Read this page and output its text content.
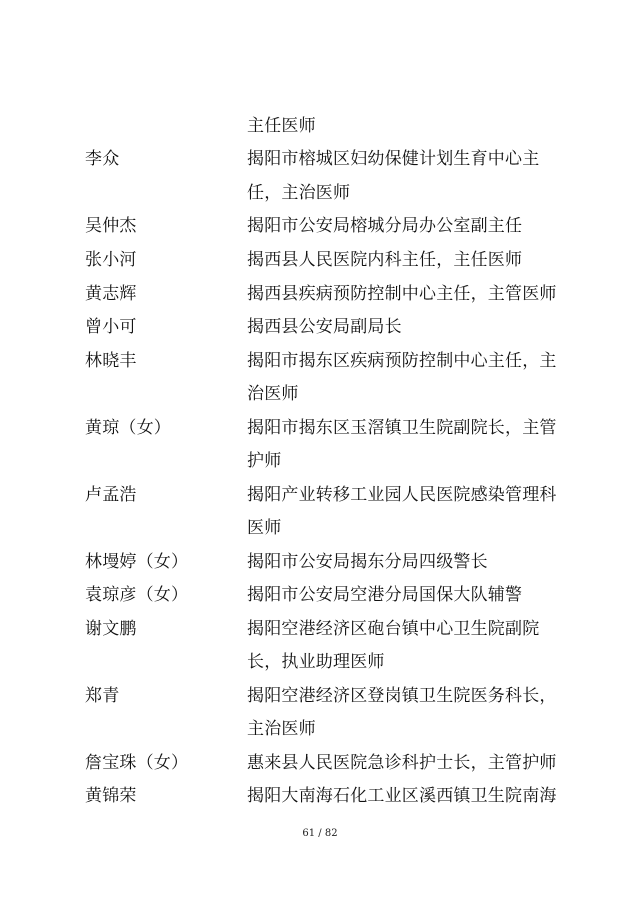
主任医师
李众	揭阳市榕城区妇幼保健计划生育中心主
任，主治医师
吴仲杰	揭阳市公安局榕城分局办公室副主任
张小河	揭西县人民医院内科主任，主任医师
黄志辉	揭西县疾病预防控制中心主任，主管医师
曾小可	揭西县公安局副局长
林晓丰	揭阳市揭东区疾病预防控制中心主任，主
治医师
黄琼（女）	揭阳市揭东区玉滘镇卫生院副院长，主管
护师
卢孟浩	揭阳产业转移工业园人民医院感染管理科
医师
林墁婷（女）	揭阳市公安局揭东分局四级警长
袁琼彦（女）	揭阳市公安局空港分局国保大队辅警
谢文鹏	揭阳空港经济区砲台镇中心卫生院副院
长，执业助理医师
郑青	揭阳空港经济区登岗镇卫生院医务科长，
主治医师
詹宝珠（女）	惠来县人民医院急诊科护士长，主管护师
黄锦荣	揭阳大南海石化工业区溪西镇卫生院南海
61 / 82
